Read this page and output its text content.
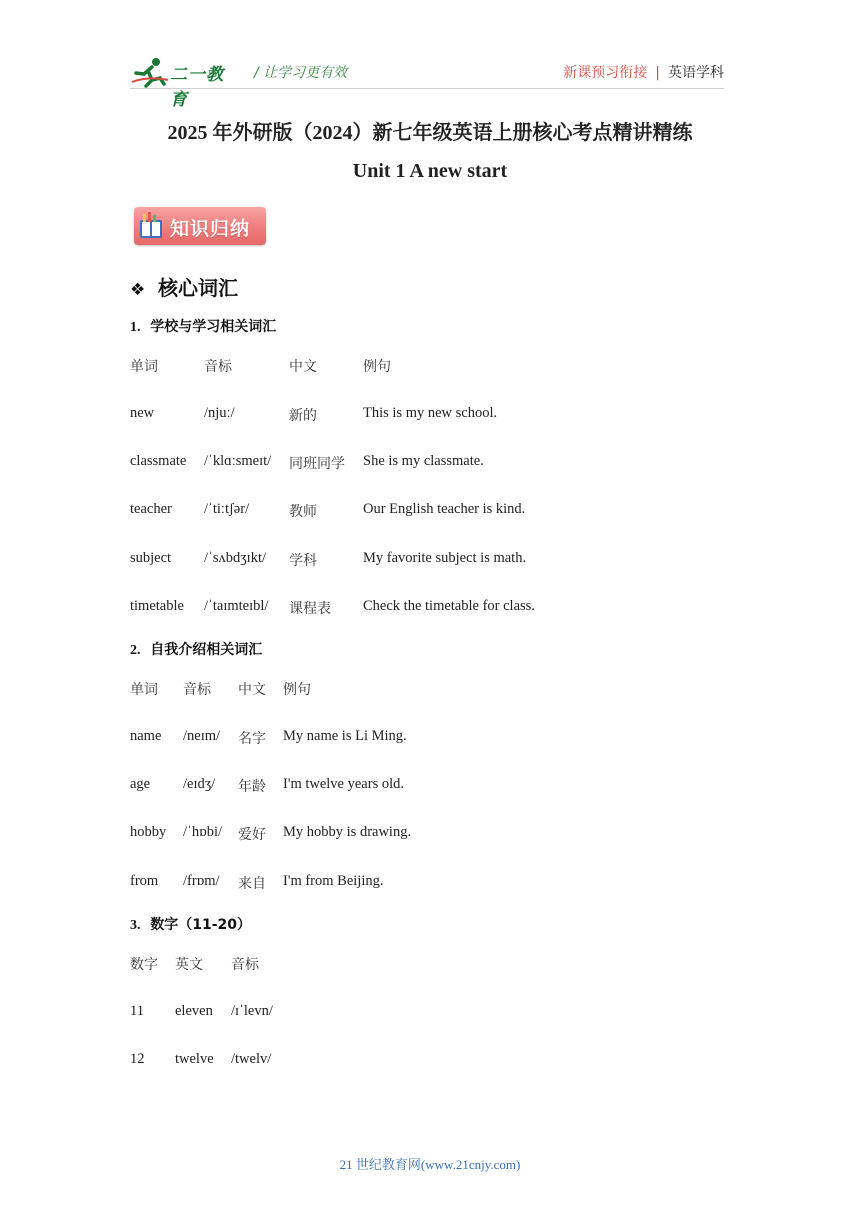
二一教育
/ 让学习更有效	新课预习衔接 | 英语学科
2025 年外研版（2024）新七年级英语上册核心考点精讲精练
Unit 1 A new start
知识归纳
❖ 核心词汇
1. 学校与学习相关词汇
单词	音标	中文	例句
new	/njuː/	新的	This is my new school.
classmate /ˈklɑːsmeɪt/ 同班同学 She is my classmate.
teacher /ˈtiːtʃər/	教师	Our English teacher is kind.
subject /ˈsʌbdʒɪkt/ 学科	My favorite subject is math.
timetable /ˈtaɪmteɪbl/ 课程表 Check the timetable for class.
2. 自我介绍相关词汇
单词 音标 中文 例句
name /neɪm/ 名字 My name is Li Ming.
age /eɪdʒ/ 年龄 I'm twelve years old.
hobby /ˈhɒbi/ 爱好 My hobby is drawing.
from /frɒm/ 来自 I'm from Beijing.
3. 数字（11-20）
数字 英文 音标
11 eleven /ɪˈlevn/
12 twelve /twelv/
21 世纪教育网(www.21cnjy.com)
